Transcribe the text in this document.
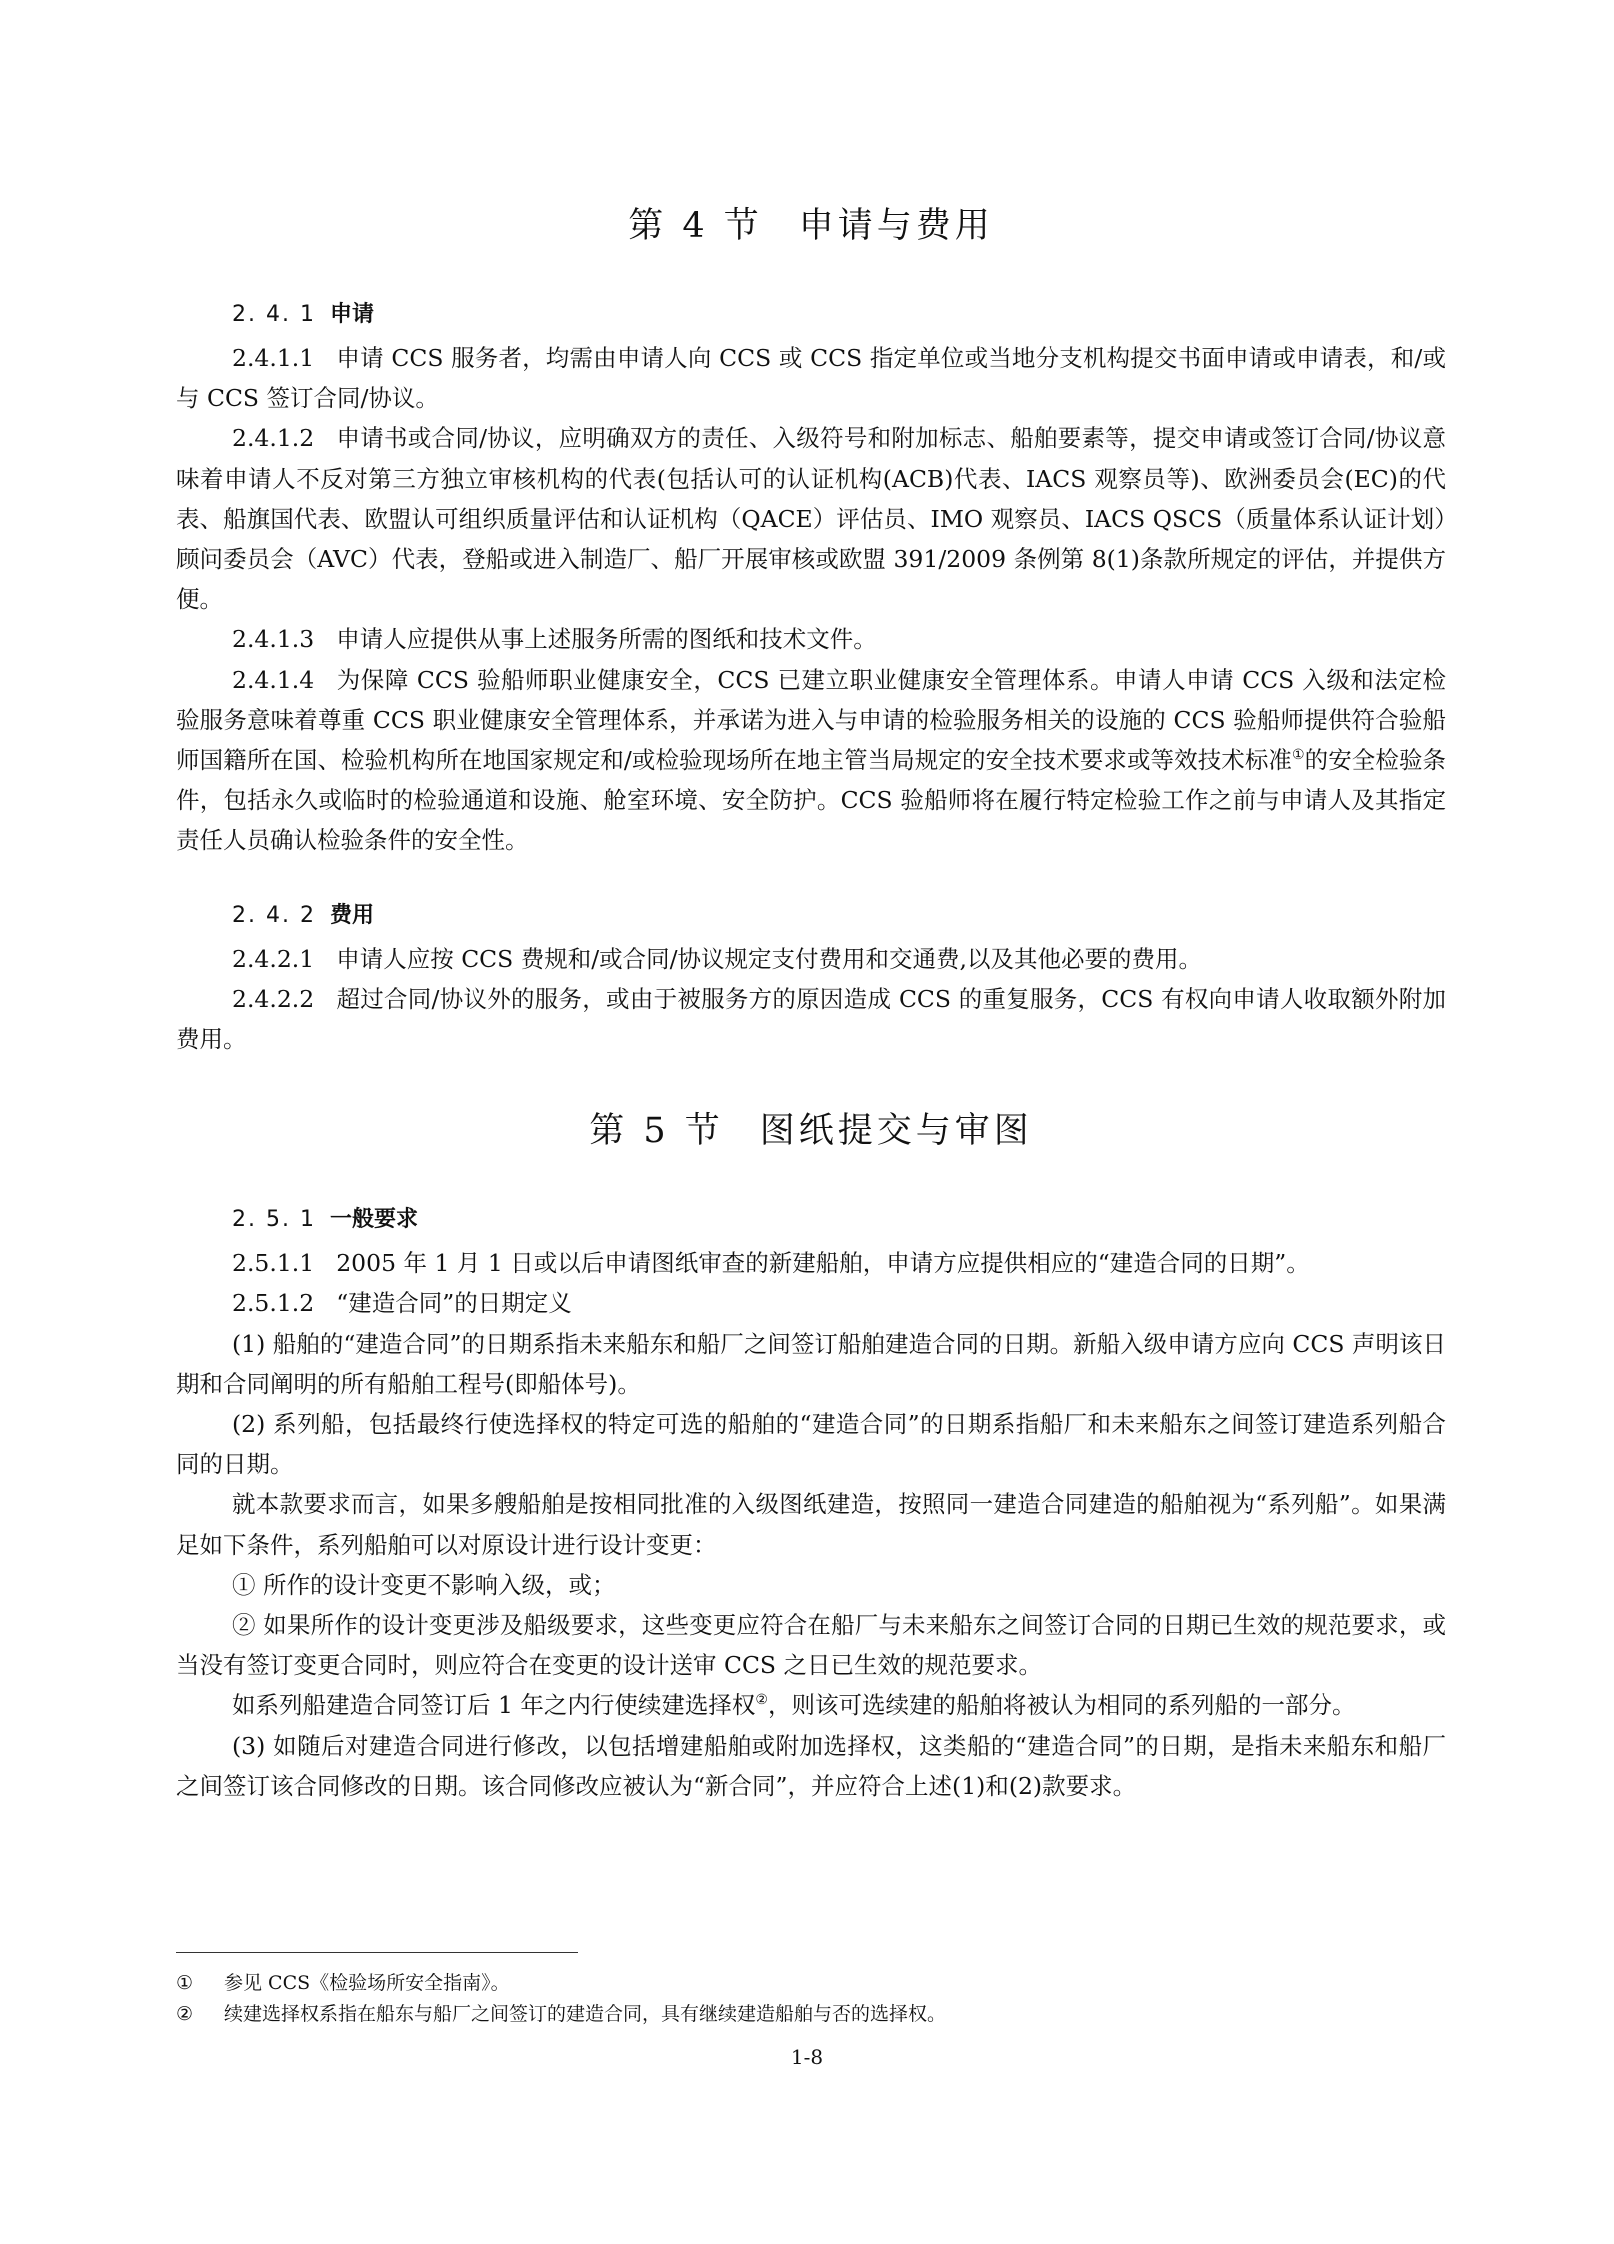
第 4 节 申请与费用
2. 4. 1 申请

2.4.1.1 申请 CCS 服务者，均需由申请人向 CCS 或 CCS 指定单位或当地分支机构提交书面申请或申请表，和/或与 CCS 签订合同/协议。

2.4.1.2 申请书或合同/协议，应明确双方的责任、入级符号和附加标志、船舶要素等，提交申请或签订合同/协议意味着申请人不反对第三方独立审核机构的代表(包括认可的认证机构(ACB)代表、IACS 观察员等)、欧洲委员会(EC)的代表、船旗国代表、欧盟认可组织质量评估和认证机构（QACE）评估员、IMO 观察员、IACS QSCS（质量体系认证计划）顾问委员会（AVC）代表，登船或进入制造厂、船厂开展审核或欧盟 391/2009 条例第 8(1)条款所规定的评估，并提供方便。

2.4.1.3 申请人应提供从事上述服务所需的图纸和技术文件。

2.4.1.4 为保障 CCS 验船师职业健康安全，CCS 已建立职业健康安全管理体系。申请人申请 CCS 入级和法定检验服务意味着尊重 CCS 职业健康安全管理体系，并承诺为进入与申请的检验服务相关的设施的 CCS 验船师提供符合验船师国籍所在国、检验机构所在地国家规定和/或检验现场所在地主管当局规定的安全技术要求或等效技术标准①的安全检验条件，包括永久或临时的检验通道和设施、舱室环境、安全防护。CCS 验船师将在履行特定检验工作之前与申请人及其指定责任人员确认检验条件的安全性。

2. 4. 2 费用

2.4.2.1 申请人应按 CCS 费规和/或合同/协议规定支付费用和交通费,以及其他必要的费用。

2.4.2.2 超过合同/协议外的服务，或由于被服务方的原因造成 CCS 的重复服务，CCS 有权向申请人收取额外附加费用。

第 5 节 图纸提交与审图
2. 5. 1 一般要求

2.5.1.1 2005 年 1 月 1 日或以后申请图纸审查的新建船舶，申请方应提供相应的“建造合同的日期”。

2.5.1.2 “建造合同”的日期定义

(1) 船舶的“建造合同”的日期系指未来船东和船厂之间签订船舶建造合同的日期。新船入级申请方应向 CCS 声明该日期和合同阐明的所有船舶工程号(即船体号)。

(2) 系列船，包括最终行使选择权的特定可选的船舶的“建造合同”的日期系指船厂和未来船东之间签订建造系列船合同的日期。

就本款要求而言，如果多艘船舶是按相同批准的入级图纸建造，按照同一建造合同建造的船舶视为“系列船”。如果满足如下条件，系列船舶可以对原设计进行设计变更：

① 所作的设计变更不影响入级，或；

② 如果所作的设计变更涉及船级要求，这些变更应符合在船厂与未来船东之间签订合同的日期已生效的规范要求，或当没有签订变更合同时，则应符合在变更的设计送审 CCS 之日已生效的规范要求。

如系列船建造合同签订后 1 年之内行使续建选择权②，则该可选续建的船舶将被认为相同的系列船的一部分。

(3) 如随后对建造合同进行修改，以包括增建船舶或附加选择权，这类船的“建造合同”的日期，是指未来船东和船厂之间签订该合同修改的日期。该合同修改应被认为“新合同”，并应符合上述(1)和(2)款要求。

① 参见 CCS《检验场所安全指南》。
② 续建选择权系指在船东与船厂之间签订的建造合同，具有继续建造船舶与否的选择权。
1-8
